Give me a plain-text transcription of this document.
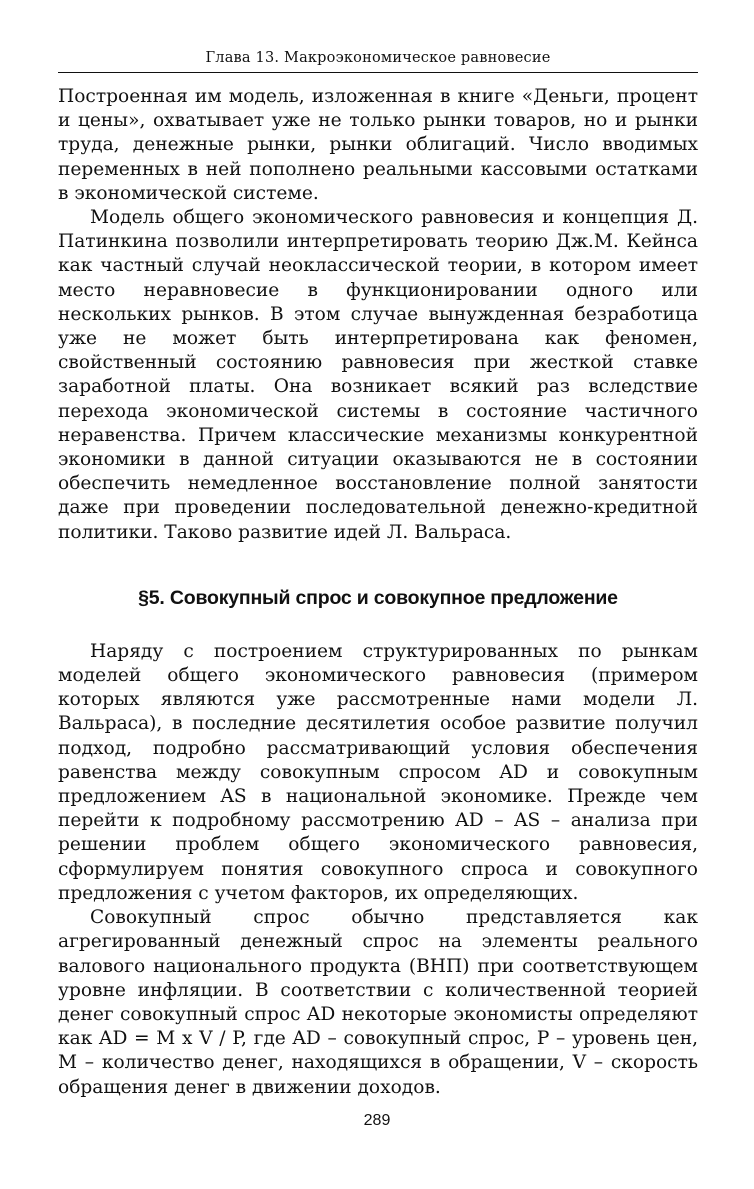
Глава 13. Макроэкономическое равновесие

Построенная им модель, изложенная в книге «Деньги, процент и цены», охватывает уже не только рынки товаров, но и рынки труда, денежные рынки, рынки облигаций. Число вводимых переменных в ней пополнено реальными кассовыми остатками в экономической системе.

Модель общего экономического равновесия и концепция Д. Патинкина позволили интерпретировать теорию Дж.М. Кейнса как частный случай неоклассической теории, в котором имеет место неравновесие в функционировании одного или нескольких рынков. В этом случае вынужденная безработица уже не может быть интерпретирована как феномен, свойственный состоянию равновесия при жесткой ставке заработной платы. Она возникает всякий раз вследствие перехода экономической системы в состояние частичного неравенства. Причем классические механизмы конкурентной экономики в данной ситуации оказываются не в состоянии обеспечить немедленное восстановление полной занятости даже при проведении последовательной денежно-кредитной политики. Таково развитие идей Л. Вальраса.

§5. Совокупный спрос и совокупное предложение

Наряду с построением структурированных по рынкам моделей общего экономического равновесия (примером которых являются уже рассмотренные нами модели Л. Вальраса), в последние десятилетия особое развитие получил подход, подробно рассматривающий условия обеспечения равенства между совокупным спросом AD и совокупным предложением AS в национальной экономике. Прежде чем перейти к подробному рассмотрению AD – AS – анализа при решении проблем общего экономического равновесия, сформулируем понятия совокупного спроса и совокупного предложения с учетом факторов, их определяющих.

Совокупный спрос обычно представляется как агрегированный денежный спрос на элементы реального валового национального продукта (ВНП) при соответствующем уровне инфляции. В соответствии с количественной теорией денег совокупный спрос AD некоторые экономисты определяют как AD = M x V / P, где AD – совокупный спрос, P – уровень цен, M – количество денег, находящихся в обращении, V – скорость обращения денег в движении доходов.

289
